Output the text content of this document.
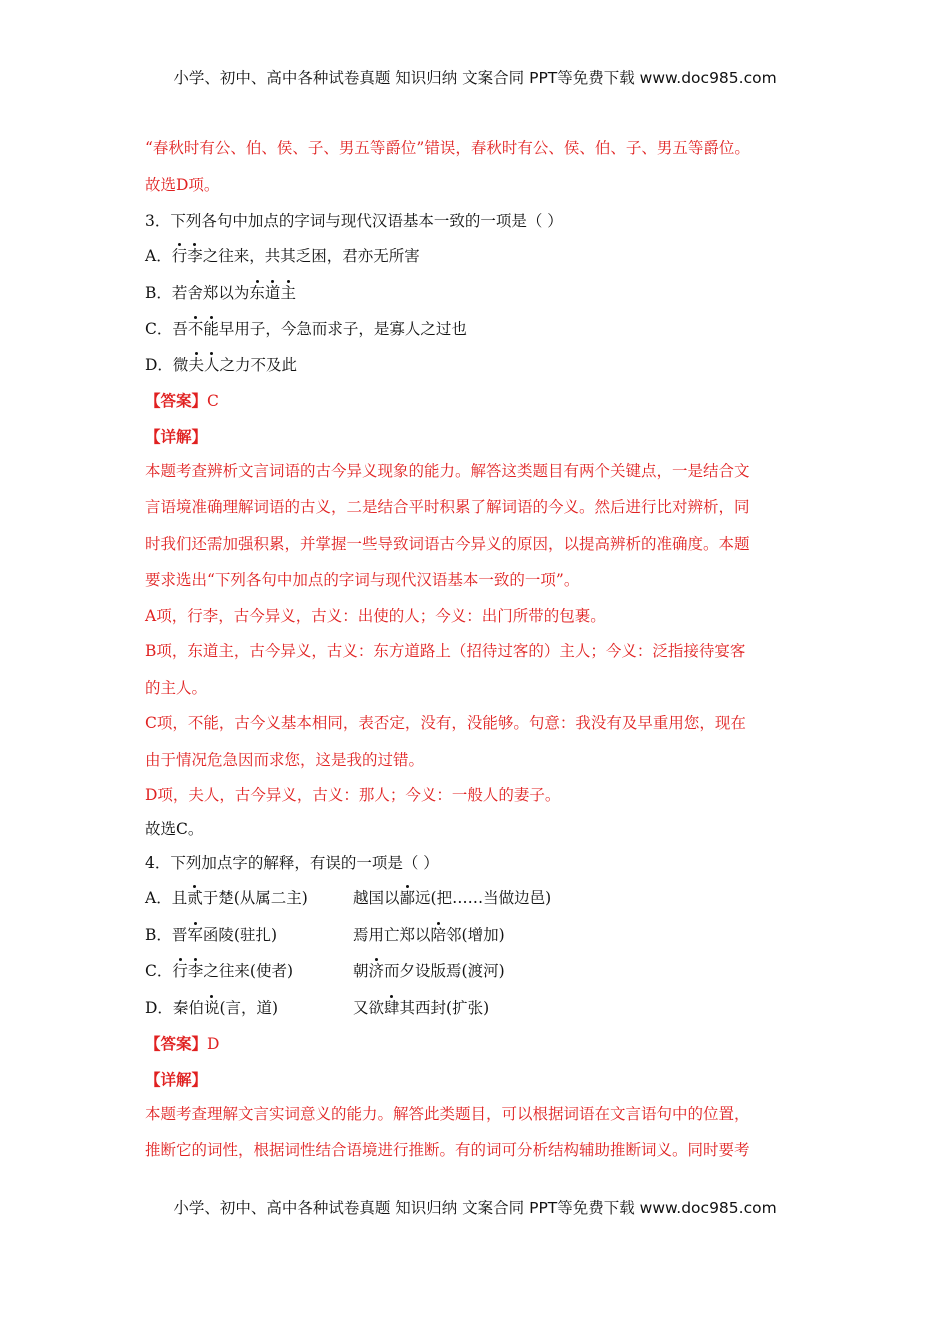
小学、初中、高中各种试卷真题 知识归纳 文案合同 PPT等免费下载 www.doc985.com
“春秋时有公、伯、侯、子、男五等爵位”错误，春秋时有公、侯、伯、子、男五等爵位。
故选D项。
3．下列各句中加点的字词与现代汉语基本一致的一项是（ ）
A．行李之往来，共其乏困，君亦无所害
B．若舍郑以为东道主
C．吾不能早用子，今急而求子，是寡人之过也
D．微夫人之力不及此
【答案】C
【详解】
本题考查辨析文言词语的古今异义现象的能力。解答这类题目有两个关键点，一是结合文
言语境准确理解词语的古义，二是结合平时积累了解词语的今义。然后进行比对辨析，同
时我们还需加强积累，并掌握一些导致词语古今异义的原因，以提高辨析的准确度。本题
要求选出“下列各句中加点的字词与现代汉语基本一致的一项”。
A项，行李，古今异义，古义：出使的人；今义：出门所带的包裹。
B项，东道主，古今异义，古义：东方道路上（招待过客的）主人；今义：泛指接待宴客
的主人。
C项，不能，古今义基本相同，表否定，没有，没能够。句意：我没有及早重用您，现在
由于情况危急因而求您，这是我的过错。
D项，夫人，古今异义，古义：那人；今义：一般人的妻子。
故选C。
4．下列加点字的解释，有误的一项是（ ）
A．且贰于楚(从属二主)	越国以鄙远(把……当做边邑)
B．晋军函陵(驻扎)	焉用亡郑以陪邻(增加)
C．行李之往来(使者)	朝济而夕设版焉(渡河)
D．秦伯说(言，道)	又欲肆其西封(扩张)
【答案】D
【详解】
本题考查理解文言实词意义的能力。解答此类题目，可以根据词语在文言语句中的位置，
推断它的词性，根据词性结合语境进行推断。有的词可分析结构辅助推断词义。同时要考
小学、初中、高中各种试卷真题 知识归纳 文案合同 PPT等免费下载 www.doc985.com
